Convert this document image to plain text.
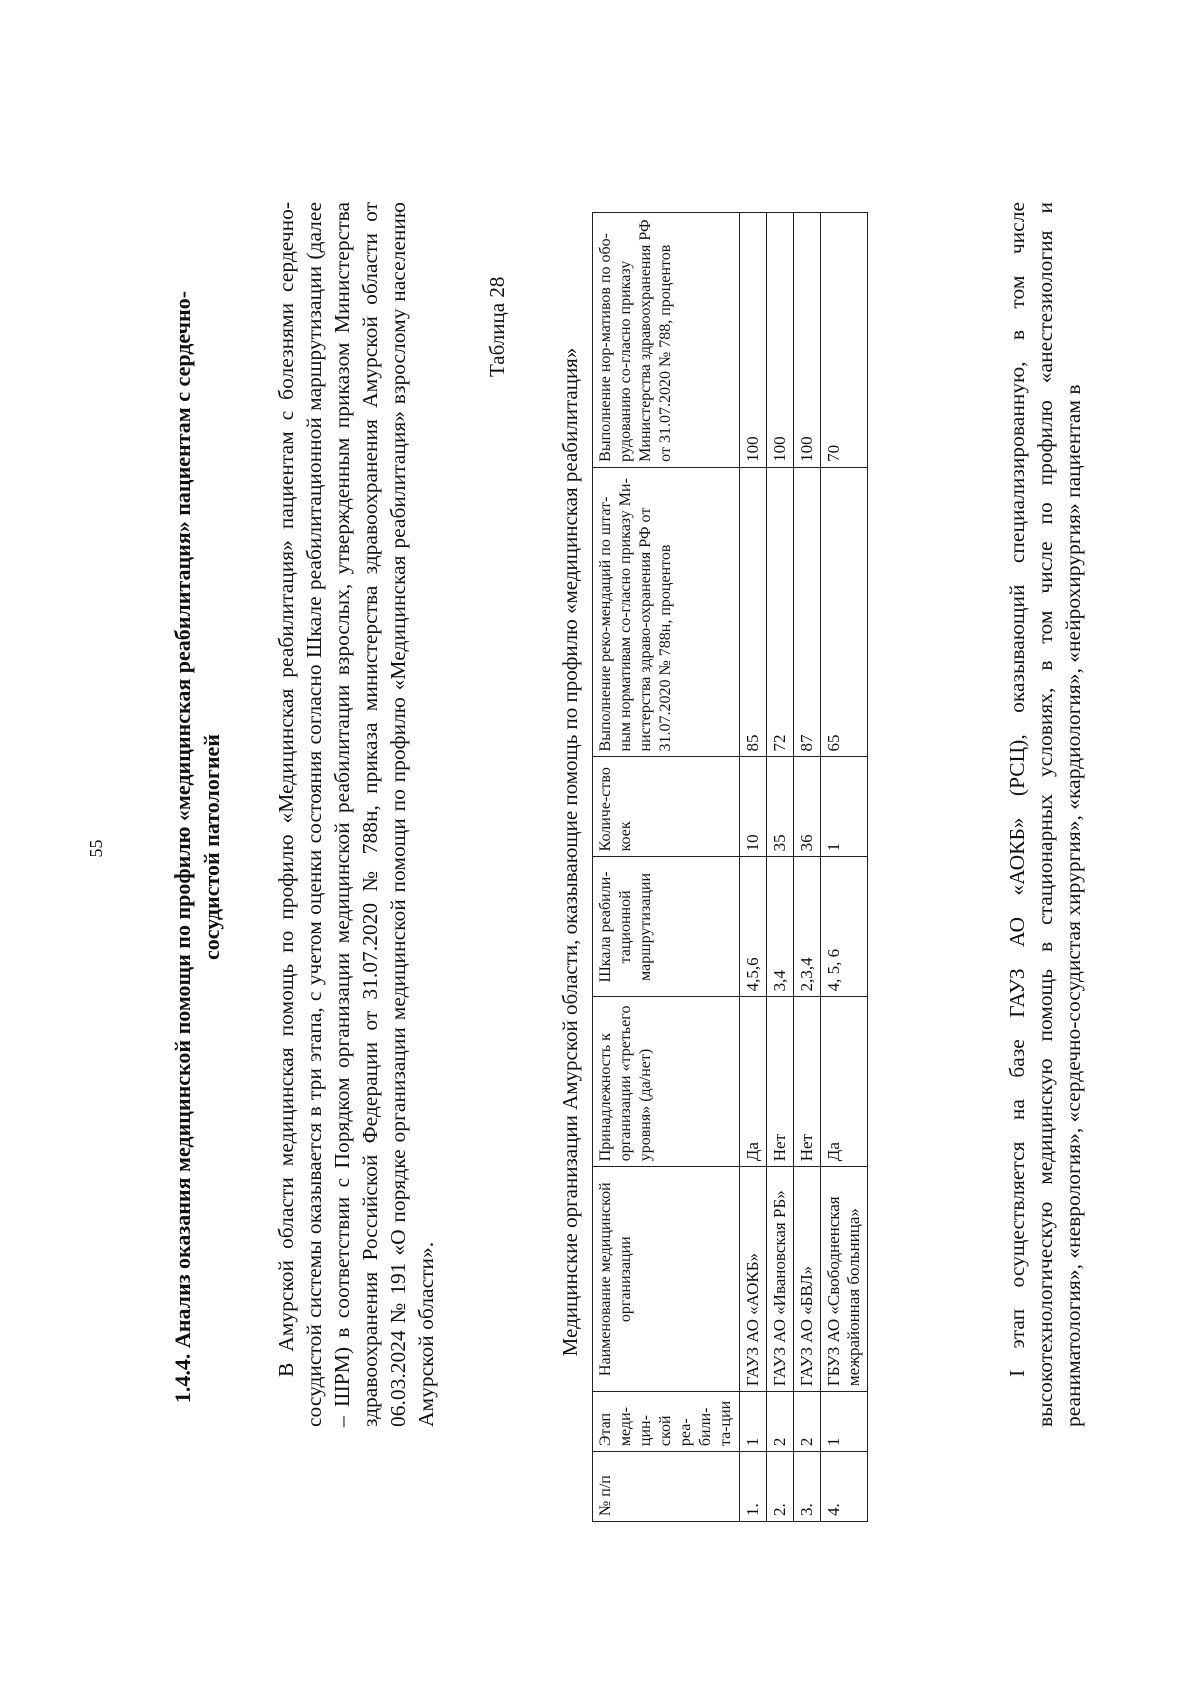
55	1.4.4. Анализ оказания медицинской помощи по профилю «медицинская реабилитация» пациентам с сердечно-сосудистой патологией В Амурской области медицинская помощь по профилю «Медицинская реабилитация» пациентам с болезнями сердечно-сосудистой системы оказывается в три этапа, с учетом оценки состояния согласно Шкале реабилитационной маршрутизации (далее – ШРМ) в соответствии с Порядком организации медицинской реабилитации взрослых, утвержденным приказом Министерства здравоохранения Российской Федерации от 31.07.2020 № 788н, приказа министерства здравоохранения Амурской области от 06.03.2024 № 191 «О порядке организации медицинской помощи по профилю «Медицинская реабилитация» взрослому населению Амурской области».
Таблица 28
Медицинские организации Амурской области, оказывающие помощь по профилю «медицинская реабилитация»
№ п/п	Этап меди-цин-ской реа-били-та-ции	Наименование медицинской организации	Принадлежность к организации «третьего уровня» (да/нет)	Шкала реабили-тационной маршрутизации	Количе-ство коек	Выполнение реко-мендаций по штат-ным нормативам со-гласно приказу Ми-нистерства здраво-охранения РФ от 31.07.2020 № 788н, процентов	Выполнение нор-мативов по обо-рудованию со-гласно приказу Министерства здравоохранения РФ от 31.07.2020 № 788, процентов
1.	1	ГАУЗ АО «АОКБ»	Да	4,5,6	10	85	100
2.	2	ГАУЗ АО «Ивановская РБ»	Нет	3,4	35	72	100
3.	2	ГАУЗ АО «БВЛ»	Нет	2,3,4	36	87	100
4.	1	ГБУЗ АО «Свободненская межрайонная больница»	Да	4, 5, 6	1	65	70	I этап осуществляется на базе ГАУЗ АО «АОКБ» (РСЦ), оказывающий специализированную, в том числе высокотехнологическую медицинскую помощь в стационарных условиях, в том числе по профилю «анестезиология и реаниматология», «неврология», «сердечно-сосудистая хирургия», «кардиология», «нейрохирургия» пациентам в
